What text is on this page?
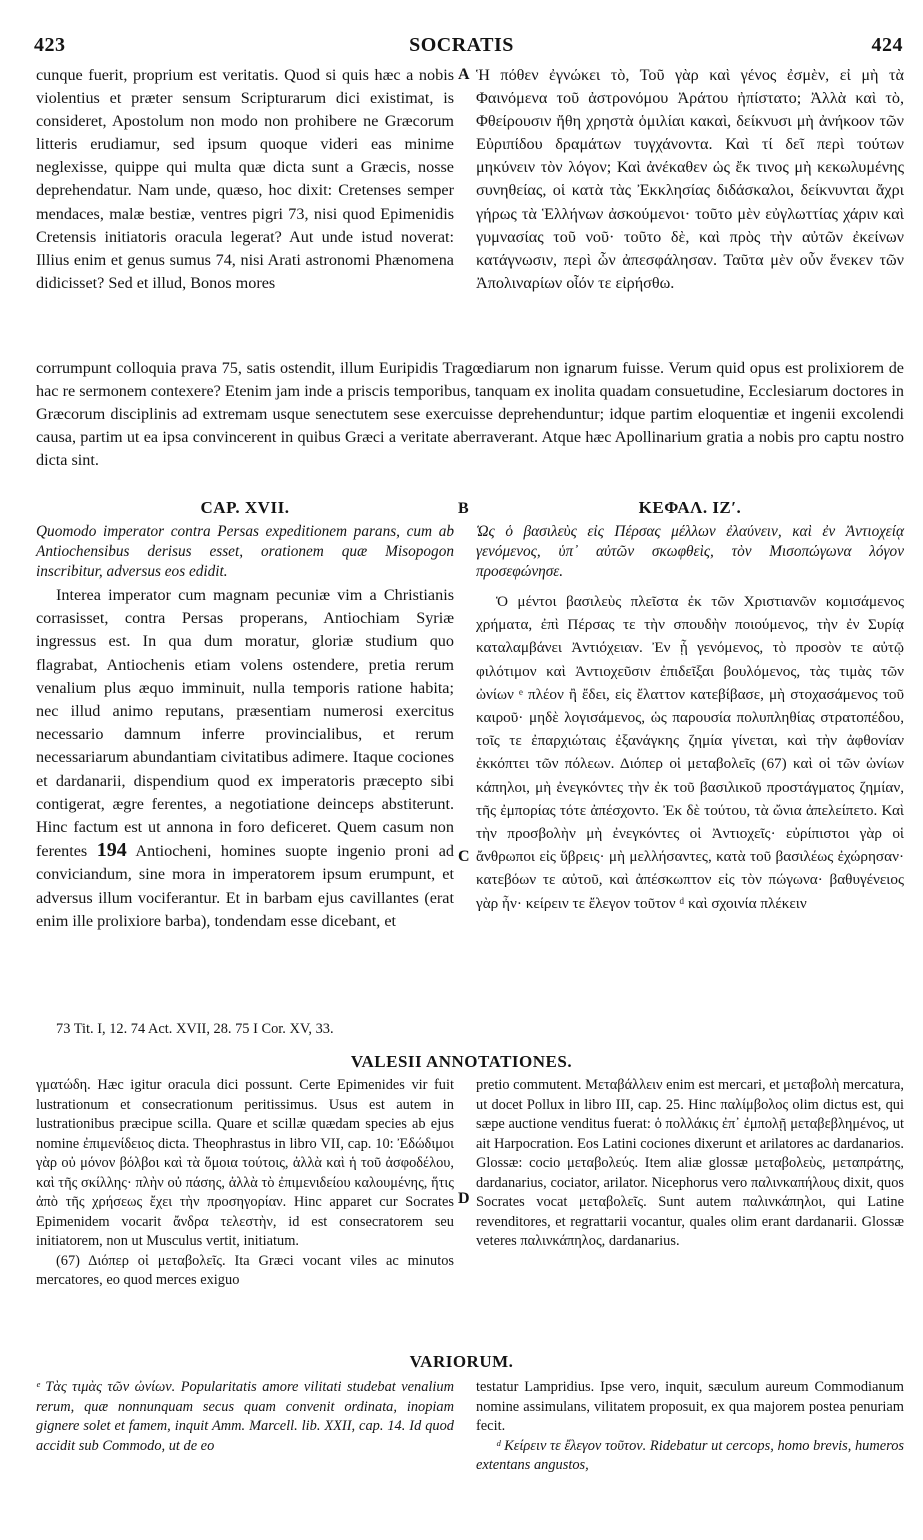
423	SOCRATIS	424

cunque fuerit, proprium est veritatis. Quod si quis hæc a nobis violentius et præter sensum Scripturarum dici existimat, is consideret, Apostolum non modo non prohibere ne Græcorum litteris erudiamur, sed ipsum quoque videri eas minime neglexisse, quippe qui multa quæ dicta sunt a Græcis, nosse deprehendatur. Nam unde, quæso, hoc dixit: Cretenses semper mendaces, malæ bestiæ, ventres pigri 73, nisi quod Epimenidis Cretensis initiatoris oracula legerat? Aut unde istud noverat: Illius enim et genus sumus 74, nisi Arati astronomi Phænomena didicisset? Sed et illud, Bonos mores

A Ἡ πόθεν ἐγνώκει τὸ, Τοῦ γὰρ καὶ γένος ἐσμὲν, εἰ μὴ τὰ Φαινόμενα τοῦ ἀστρονόμου Ἀράτου ἠπίστατο; Ἀλλὰ καὶ τὸ, Φθείρουσιν ἤθη χρηστὰ ὁμιλίαι κακαὶ, δείκνυσι μὴ ἀνήκοον τῶν Εὐριπίδου δραμάτων τυγχάνοντα. Καὶ τί δεῖ περὶ τούτων μηκύνειν τὸν λόγον; Καὶ ἀνέκαθεν ὡς ἔκ τινος μὴ κεκωλυμένης συνηθείας, οἱ κατὰ τὰς Ἐκκλησίας διδάσκαλοι, δείκνυνται ἄχρι γήρως τὰ Ἑλλήνων ἀσκούμενοι· τοῦτο μὲν εὐγλωττίας χάριν καὶ γυμνασίας τοῦ νοῦ· τοῦτο δὲ, καὶ πρὸς τὴν αὐτῶν ἐκείνων κατάγνωσιν, περὶ ὧν ἀπεσφάλησαν. Ταῦτα μὲν οὖν ἕνεκεν τῶν Ἀπολιναρίων οἷόν τε εἰρήσθω.

corrumpunt colloquia prava 75, satis ostendit, illum Euripidis Tragœdiarum non ignarum fuisse. Verum quid opus est prolixiorem de hac re sermonem contexere? Etenim jam inde a priscis temporibus, tanquam ex inolita quadam consuetudine, Ecclesiarum doctores in Græcorum disciplinis ad extremam usque senectutem sese exercuisse deprehenduntur; idque partim eloquentiæ et ingenii excolendi causa, partim ut ea ipsa convincerent in quibus Græci a veritate aberraverant. Atque hæc Apollinarium gratia a nobis pro captu nostro dicta sint.

CAP. XVII.	B	ΚΕΦΑΛ. ΙΖʹ.

Quomodo imperator contra Persas expeditionem parans, cum ab Antiochensibus derisus esset, orationem quæ Misopogon inscribitur, adversus eos edidit.

Interea imperator cum magnam pecuniæ vim a Christianis corrasisset, contra Persas properans, Antiochiam Syriæ ingressus est. In qua dum moratur, gloriæ studium quo flagrabat, Antiochenis etiam volens ostendere, pretia rerum venalium plus æquo imminuit, nulla temporis ratione habita; nec illud animo reputans, præsentiam numerosi exercitus necessario damnum inferre provincialibus, et rerum necessariarum abundantiam civitatibus adimere. Itaque cociones et dardanarii, dispendium quod ex imperatoris præcepto sibi contigerat, ægre ferentes, a negotiatione deinceps abstiterunt. Hinc factum est ut annona in foro deficeret. Quem casum non ferentes 194 Antiocheni, homines suopte ingenio proni ad conviciandum, sine mora in imperatorem ipsum erumpunt, et adversus illum vociferantur. Et in barbam ejus cavillantes (erat enim ille prolixiore barba), tondendam esse dicebant, et

Ὡς ὁ βασιλεὺς εἰς Πέρσας μέλλων ἐλαύνειν, καὶ ἐν Ἀντιοχείᾳ γενόμενος, ὑπ᾽ αὐτῶν σκωφθεὶς, τὸν Μισοπώγωνα λόγον προσεφώνησε.

Ὁ μέντοι βασιλεὺς πλεῖστα ἐκ τῶν Χριστιανῶν κομισάμενος χρήματα, ἐπὶ Πέρσας τε τὴν σπουδὴν ποιούμενος, τὴν ἐν Συρίᾳ καταλαμβάνει Ἀντιόχειαν. Ἐν ᾗ γενόμενος, τὸ προσὸν τε αὐτῷ φιλότιμον καὶ Ἀντιοχεῦσιν ἐπιδεῖξαι βουλόμενος, τὰς τιμὰς τῶν ὠνίων ᵉ πλέον ἢ ἔδει, εἰς ἔλαττον κατεβίβασε, μὴ στοχασάμενος τοῦ καιροῦ· μηδὲ λογισάμενος, ὡς παρουσία πολυπληθίας στρατοπέδου, τοῖς τε ἐπαρχιώταις ἐξανάγκης ζημία γίνεται, καὶ τὴν ἀφθονίαν ἐκκόπτει τῶν πόλεων. Διόπερ οἱ μεταβολεῖς (67) καὶ οἱ τῶν ὠνίων κάπηλοι, μὴ ἐνεγκόντες τὴν ἐκ τοῦ βασιλικοῦ προστάγματος ζημίαν, τῆς ἐμπορίας τότε ἀπέσχοντο. Ἐκ δὲ τούτου, τὰ ὤνια ἀπελείπετο. Καὶ τὴν προσβολὴν μὴ ἐνεγκόντες οἱ Ἀντιοχεῖς· εὐρίπιστοι γὰρ οἱ ἄνθρωποι εἰς ὕβρεις· μὴ μελλήσαντες, κατὰ τοῦ βασιλέως ἐχώρησαν· κατεβόων τε αὐτοῦ, καὶ ἀπέσκωπτον εἰς τὸν πώγωνα· βαθυγένειος γὰρ ἦν· κείρειν τε ἔλεγον τοῦτον ᵈ καὶ σχοινία πλέκειν

C
73 Tit. I, 12. 74 Act. XVII, 28. 75 I Cor. XV, 33.
VALESII ANNOTATIONES.

γματώδη. Hæc igitur oracula dici possunt. Certe Epimenides vir fuit lustrationum et consecrationum peritissimus. Usus est autem in lustrationibus præcipue scilla. Quare et scillæ quædam species ab ejus nomine ἐπιμενίδειος dicta. Theophrastus in libro VII, cap. 10: Ἐδώδιμοι γὰρ οὐ μόνον βόλβοι καὶ τὰ ὅμοια τούτοις, ἀλλὰ καὶ ἡ τοῦ ἀσφοδέλου, καὶ τῆς σκίλλης· πλὴν οὐ πάσης, ἀλλὰ τὸ ἐπιμενιδείου καλουμένης, ἥτις ἀπὸ τῆς χρήσεως ἔχει τὴν προσηγορίαν. Hinc apparet cur Socrates Epimenidem vocarit ἄνδρα τελεστὴν, id est consecratorem seu initiatorem, non ut Musculus vertit, initiatum.

(67) Διόπερ οἱ μεταβολεῖς. Ita Græci vocant viles ac minutos mercatores, eo quod merces exiguo

D

pretio commutent. Μεταβάλλειν enim est mercari, et μεταβολὴ mercatura, ut docet Pollux in libro III, cap. 25. Hinc παλίμβολος olim dictus est, qui sæpe auctione venditus fuerat: ὁ πολλάκις ἐπ᾽ ἐμπολῇ μεταβεβλημένος, ut ait Harpocration. Eos Latini cociones dixerunt et arilatores ac dardanarios. Glossæ: cocio μεταβολεύς. Item aliæ glossæ μεταβολεὺς, μεταπράτης, dardanarius, cociator, arilator. Nicephorus vero παλινκαπήλους dixit, quos Socrates vocat μεταβολεῖς. Sunt autem παλινκάπηλοι, qui Latine revenditores, et regrattarii vocantur, quales olim erant dardanarii. Glossæ veteres παλινκάπηλος, dardanarius.

VARIORUM.

ᵉ Τὰς τιμὰς τῶν ὠνίων. Popularitatis amore vilitati studebat venalium rerum, quæ nonnunquam secus quam convenit ordinata, inopiam gignere solet et famem, inquit Amm. Marcell. lib. XXII, cap. 14. Id quod accidit sub Commodo, ut de eo

testatur Lampridius. Ipse vero, inquit, sæculum aureum Commodianum nomine assimulans, vilitatem proposuit, ex qua majorem postea penuriam fecit.

ᵈ Κείρειν τε ἔλεγον τοῦτον. Ridebatur ut cercops, homo brevis, humeros extentans angustos,
